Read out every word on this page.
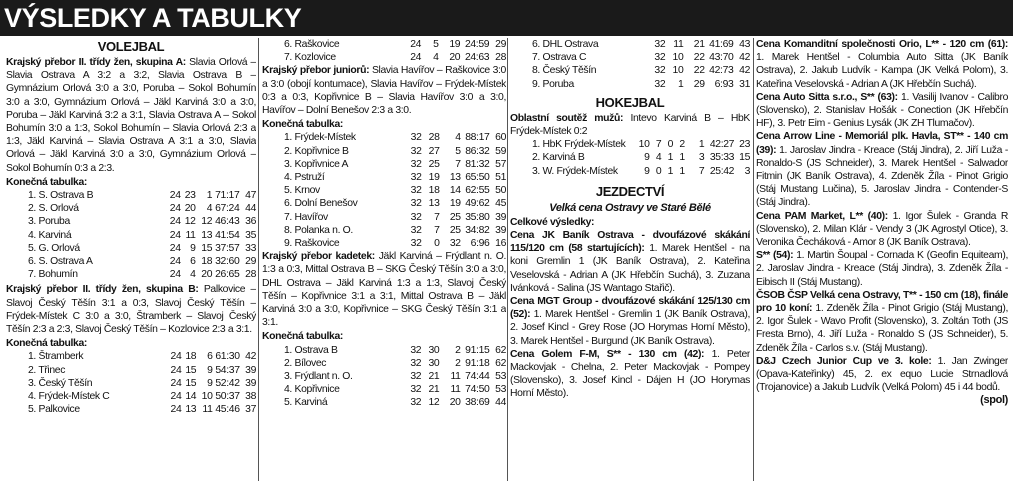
VÝSLEDKY A TABULKY
VOLEJBAL

Krajský přebor II. třídy žen, skupina A: Slavia Orlová – Slavia Ostrava A 3:2 a 3:2, Slavia Ostrava B – Gymnázium Orlová 3:0 a 3:0, Poruba – Sokol Bohumín 3:0 a 3:0, Gymnázium Orlová – Jäkl Karviná 3:0 a 3:0, Poruba – Jäkl Karviná 3:2 a 3:1, Slavia Ostrava A – Sokol Bohumín 3:0 a 1:3, Sokol Bohumín – Slavia Orlová 2:3 a 1:3, Jäkl Karviná – Slavia Ostrava A 3:1 a 3:0, Slavia Orlová – Jäkl Karviná 3:0 a 3:0, Gymnázium Orlová – Sokol Bohumín 0:3 a 2:3.

Konečná tabulka:
1. S. Ostrava B	24	23	1	71:17	47
2. S. Orlová	24	20	4	67:24	44
3. Poruba	24	12	12	46:43	36
4. Karviná	24	11	13	41:54	35
5. G. Orlová	24	9	15	37:57	33
6. S. Ostrava A	24	6	18	32:60	29
7. Bohumín	24	4	20	26:65	28

Krajský přebor II. třídy žen, skupina B: Palkovice – Slavoj Český Těšín 3:1 a 0:3, Slavoj Český Těšín – Frýdek-Místek C 3:0 a 3:0, Štramberk – Slavoj Český Těšín 2:3 a 2:3, Slavoj Český Těšín – Kozlovice 2:3 a 3:1.

Konečná tabulka:
1. Štramberk	24	18	6	61:30	42
2. Třinec	24	15	9	54:37	39
3. Český Těšín	24	15	9	52:42	39
4. Frýdek-Místek C	24	14	10	50:37	38
5. Palkovice	24	13	11	45:46	37
6. Raškovice	24	5	19	24:59	29
7. Kozlovice	24	4	20	24:63	28

Krajský přebor juniorů: Slavia Havířov – Raškovice 3:0 a 3:0 (obojí kontumace), Slavia Havířov – Frýdek-Místek 0:3 a 0:3, Kopřivnice B – Slavia Havířov 3:0 a 3:0, Havířov – Dolní Benešov 2:3 a 3:0.

Konečná tabulka:
1. Frýdek-Místek	32	28	4	88:17	60
2. Kopřivnice B	32	27	5	86:32	59
3. Kopřivnice A	32	25	7	81:32	57
4. Pstruží	32	19	13	65:50	51
5. Krnov	32	18	14	62:55	50
6. Dolní Benešov	32	13	19	49:62	45
7. Havířov	32	7	25	35:80	39
8. Polanka n. O.	32	7	25	34:82	39
9. Raškovice	32	0	32	6:96	16

Krajský přebor kadetek: Jäkl Karviná – Frýdlant n. O. 1:3 a 0:3, Mittal Ostrava B – SKG Český Těšín 3:0 a 3:0, DHL Ostrava – Jäkl Karviná 1:3 a 1:3, Slavoj Český Těšín – Kopřivnice 3:1 a 3:1, Mittal Ostrava B – Jäkl Karviná 3:0 a 3:0, Kopřivnice – SKG Český Těšín 3:1 a 3:1.

Konečná tabulka:
1. Ostrava B	32	30	2	91:15	62
2. Bílovec	32	30	2	91:18	62
3. Frýdlant n. O.	32	21	11	74:44	53
4. Kopřivnice	32	21	11	74:50	53
5. Karviná	32	12	20	38:69	44
6. DHL Ostrava	32	11	21	41:69	43
7. Ostrava C	32	10	22	43:70	42
8. Český Těšín	32	10	22	42:73	42
9. Poruba	32	1	29	6:93	31
HOKEJBAL

Oblastní soutěž mužů: Intevo Karviná B – HbK Frýdek-Místek 0:2

1. HbK Frýdek-Místek	10	7	0	2	1	42:27	23
2. Karviná B	9	4	1	1	3	35:33	15
3. W. Frýdek-Místek	9	0	1	1	7	25:42	3
JEZDECTVÍ
Velká cena Ostravy ve Staré Bělé
Celkové výsledky:

Cena JK Baník Ostrava - dvoufázové skákání 115/120 cm (58 startujících): 1. Marek Hentšel - na koni Gremlin 1 (JK Baník Ostrava), 2. Kateřina Veselovská - Adrian A (JK Hřebčín Suchá), 3. Zuzana Ivánková - Salina (JS Wantago Stařič).

Cena MGT Group - dvoufázové skákání 125/130 cm (52): 1. Marek Hentšel - Gremlin 1 (JK Baník Ostrava), 2. Josef Kincl - Grey Rose (JO Horymas Horní Město), 3. Marek Hentšel - Burgund (JK Baník Ostrava).

Cena Golem F-M, S** - 130 cm (42): 1. Peter Mackovjak - Chelna, 2. Peter Mackovjak - Pompey (Slovensko), 3. Josef Kincl - Dájen H (JO Horymas Horní Město).

Cena Komanditní společnosti Orio, L** - 120 cm (61): 1. Marek Hentšel - Columbia Auto Sitta (JK Baník Ostrava), 2. Jakub Ludvík - Kampa (JK Velká Polom), 3. Kateřina Veselovská - Adrian A (JK Hřebčín Suchá).

Cena Auto Sitta s.r.o., S** (63): 1. Vasilij Ivanov - Calibro (Slovensko), 2. Stanislav Hošák - Conection (JK Hřebčín HF), 3. Petr Eim - Genius Lysák (JK ZH Tlumačov).

Cena Arrow Line - Memoriál plk. Havla, ST** - 140 cm (39): 1. Jaroslav Jindra - Kreace (Stáj Jindra), 2. Jiří Luža - Ronaldo-S (JS Schneider), 3. Marek Hentšel - Salwador Fitmin (JK Baník Ostrava), 4. Zdeněk Žíla - Pinot Grigio (Stáj Mustang Lučina), 5. Jaroslav Jindra - Contender-S (Stáj Jindra).

Cena PAM Market, L** (40): 1. Igor Šulek - Granda R (Slovensko), 2. Milan Klár - Vendy 3 (JK Agrostyl Otice), 3. Veronika Čecháková - Amor 8 (JK Baník Ostrava).

S** (54): 1. Martin Šoupal - Cornada K (Geofin Equiteam), 2. Jaroslav Jindra - Kreace (Stáj Jindra), 3. Zdeněk Žíla - Eibisch II (Stáj Mustang).

ČSOB ČSP Velká cena Ostravy, T** - 150 cm (18), finále pro 10 koní: 1. Zdeněk Žíla - Pinot Grigio (Stáj Mustang), 2. Igor Šulek - Wavo Profit (Slovensko), 3. Zoltán Toth (JS Fresta Brno), 4. Jiří Luža - Ronaldo S (JS Schneider), 5. Zdeněk Žíla - Carlos s.v. (Stáj Mustang).

D&J Czech Junior Cup ve 3. kole: 1. Jan Zwinger (Opava-Kateřinky) 45, 2. ex equo Lucie Strnadlová (Trojanovice) a Jakub Ludvík (Velká Polom) 45 i 44 bodů.

(spol)
